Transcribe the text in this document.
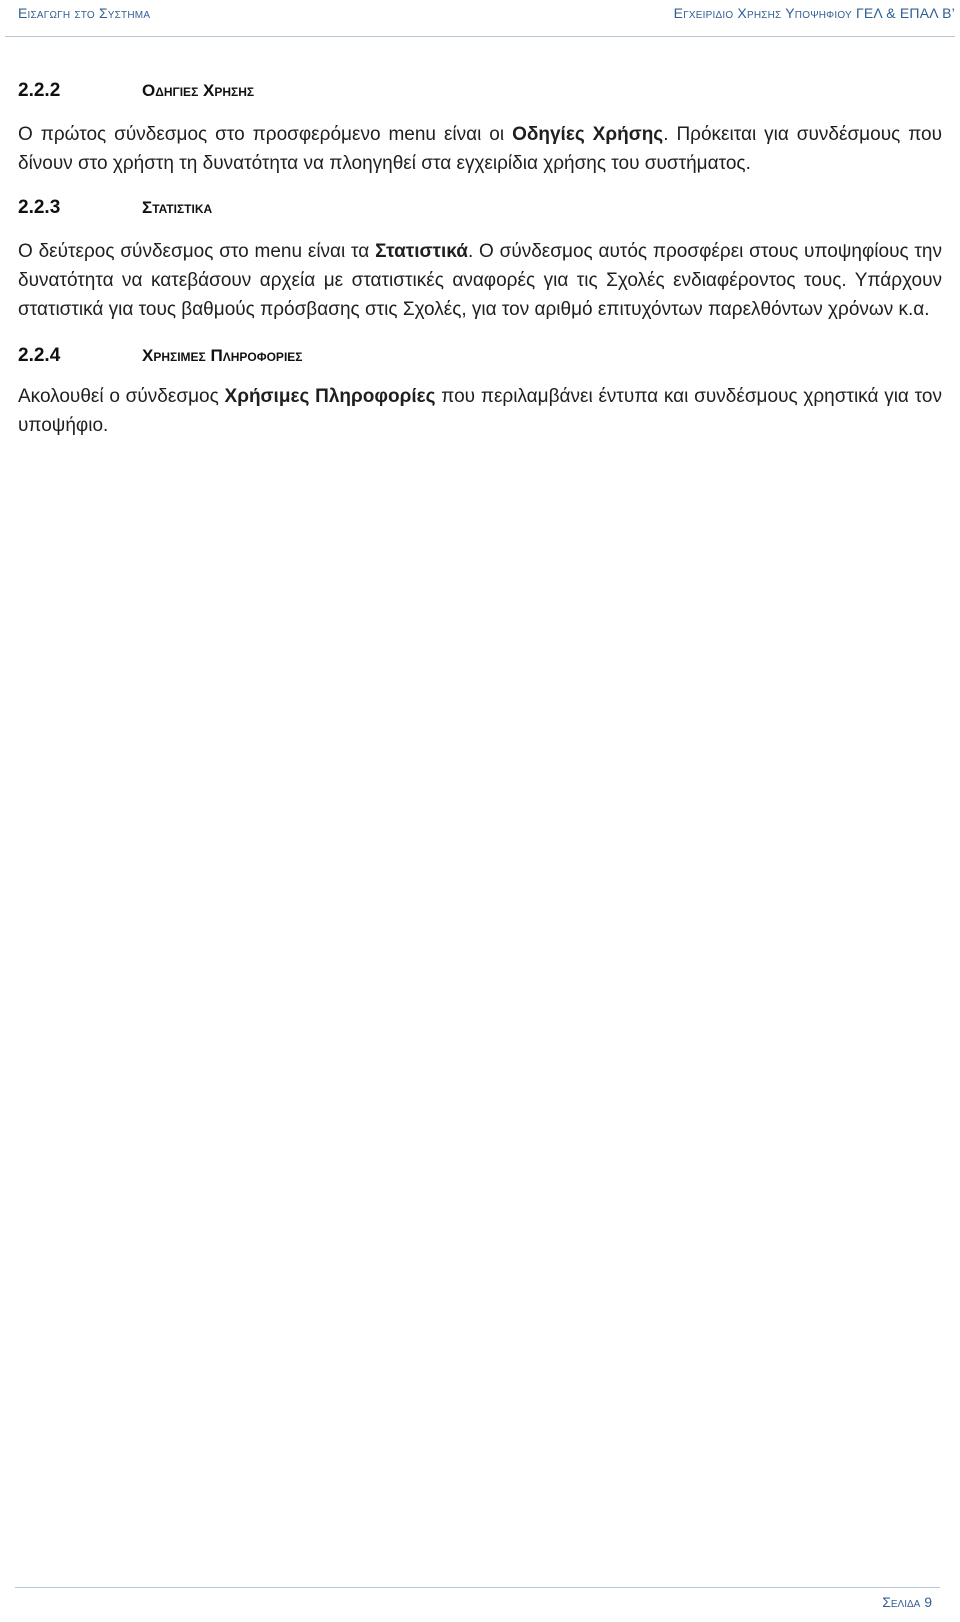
Εισαγωγη στο Συστημα	Εγχειριδιο Χρησης Υποψηφιου ΓΕΛ & ΕΠΑΛ Β’
2.2.2	Οδηγιες Χρησης

Ο πρώτος σύνδεσμος στο προσφερόμενο menu είναι οι Οδηγίες Χρήσης. Πρόκειται για συνδέσμους που δίνουν στο χρήστη τη δυνατότητα να πλοηγηθεί στα εγχειρίδια χρήσης του συστήματος.

2.2.3	Στατιστικα

Ο δεύτερος σύνδεσμος στο menu είναι τα Στατιστικά. Ο σύνδεσμος αυτός προσφέρει στους υποψηφίους την δυνατότητα να κατεβάσουν αρχεία με στατιστικές αναφορές για τις Σχολές ενδιαφέροντος τους. Υπάρχουν στατιστικά για τους βαθμούς πρόσβασης στις Σχολές, για τον αριθμό επιτυχόντων παρελθόντων χρόνων κ.α.

2.2.4	Χρησιμες Πληροφοριες

Ακολουθεί ο σύνδεσμος Χρήσιμες Πληροφορίες που περιλαμβάνει έντυπα και συνδέσμους χρηστικά για τον υποψήφιο.

Σελιδα 9
